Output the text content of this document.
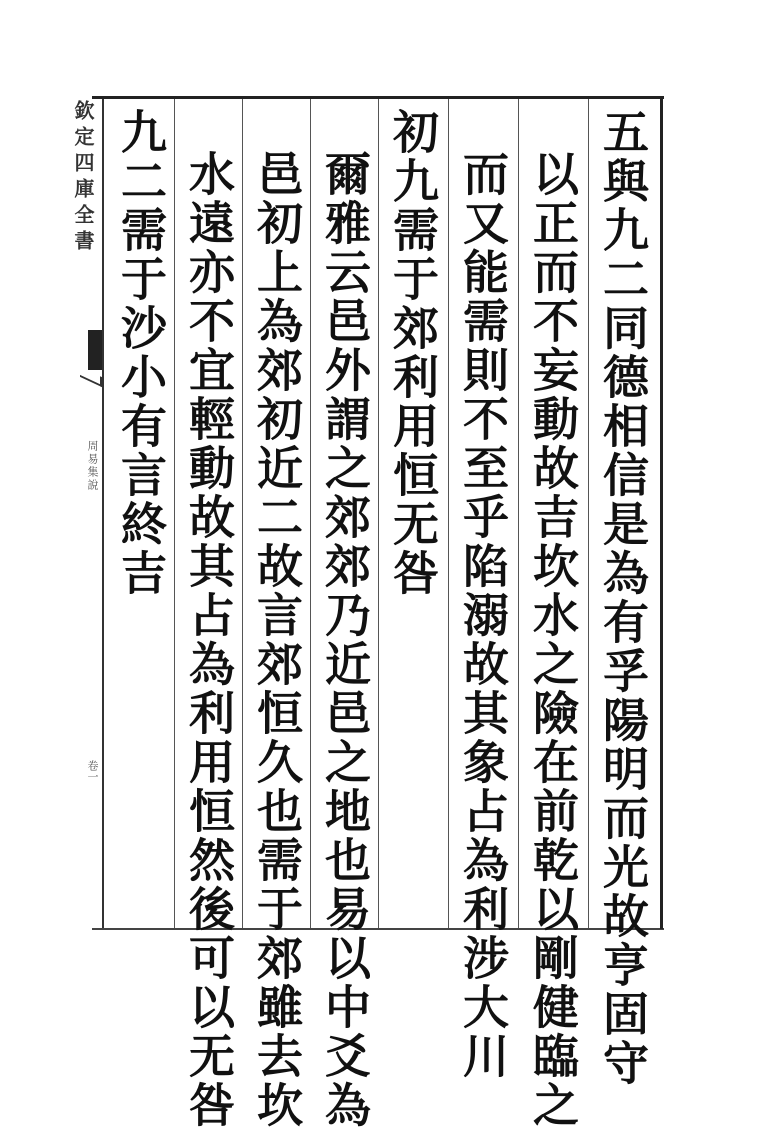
欽定四庫全書
周易集說
卷一	五與九二同德相信是為有孚陽明而光故亨固守
以正而不妄動故吉坎水之險在前乾以剛健臨之
而又能需則不至乎陷溺故其象占為利涉大川
初九需于郊利用恒无咎
爾雅云邑外謂之郊郊乃近邑之地也易以中爻為
邑初上為郊初近二故言郊恒久也需于郊雖去坎
水遠亦不宜輕動故其占為利用恒然後可以无咎
九二需于沙小有言終吉
